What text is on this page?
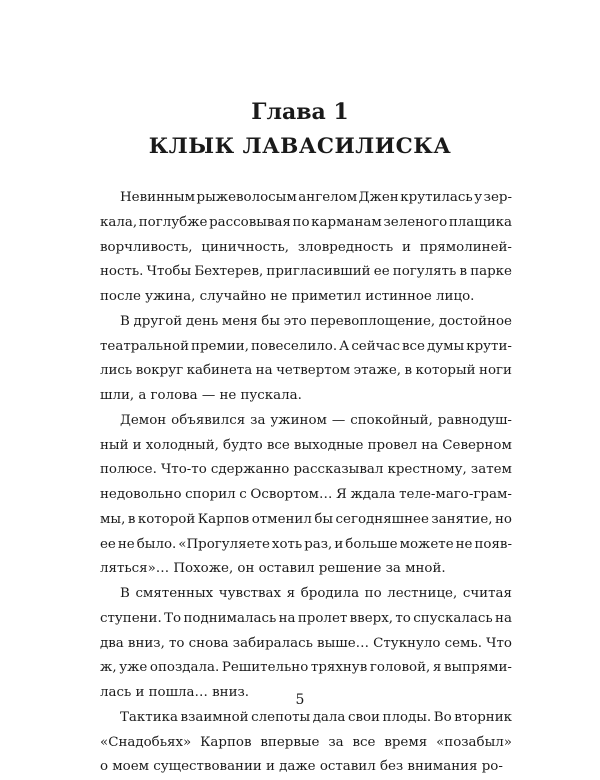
Глава 1
КЛЫК ЛАВАСИЛИСКА
Невинным рыжеволосым ангелом Джен крутилась у зер-
кала, поглубже рассовывая по карманам зеленого плащика
ворчливость, циничность, зловредность и прямолиней-
ность. Чтобы Бехтерев, пригласивший ее погулять в парке
после ужина, случайно не приметил истинное лицо.
В другой день меня бы это перевоплощение, достойное
театральной премии, повеселило. А сейчас все думы крути-
лись вокруг кабинета на четвертом этаже, в который ноги
шли, а голова — не пускала.
Демон объявился за ужином — спокойный, равнодуш-
ный и холодный, будто все выходные провел на Северном
полюсе. Что-то сдержанно рассказывал крестному, затем
недовольно спорил с Освортом… Я ждала теле-маго-грам-
мы, в которой Карпов отменил бы сегодняшнее занятие, но
ее не было. «Прогуляете хоть раз, и больше можете не появ-
ляться»… Похоже, он оставил решение за мной.
В смятенных чувствах я бродила по лестнице, считая
ступени. То поднималась на пролет вверх, то спускалась на
два вниз, то снова забиралась выше… Стукнуло семь. Что
ж, уже опоздала. Решительно тряхнув головой, я выпрями-
лась и пошла… вниз.
Тактика взаимной слепоты дала свои плоды. Во вторник
«Снадобьях» Карпов впервые за все время «позабыл»
о моем существовании и даже оставил без внимания ро-
5
